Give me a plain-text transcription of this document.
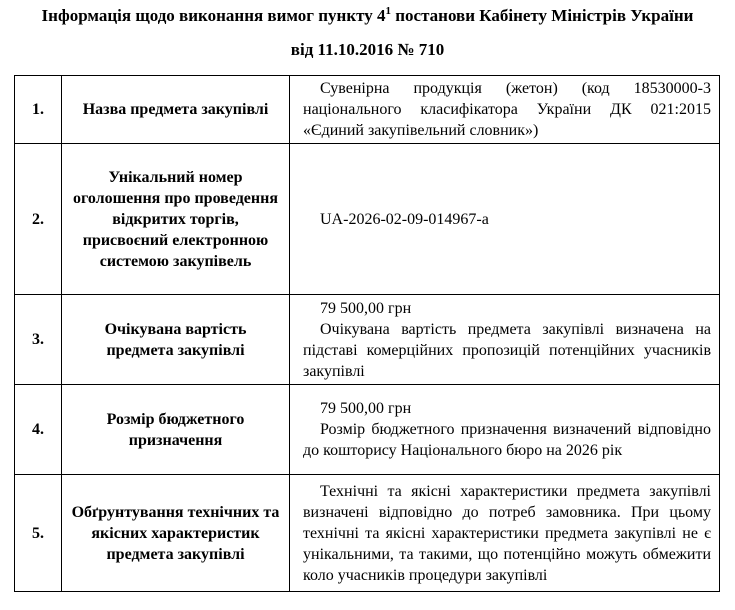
Інформація щодо виконання вимог пункту $4^1$ постанови Кабінету Міністрів України
від 11.10.2016 № 710
1.	Назва предмета закупівлі	Сувенірна продукція (жетон) (код 18530000-3 національного класифікатора України ДК 021:2015 «Єдиний закупівельний словник»)

2.	Унікальний номер оголошення про проведення відкритих торгів, присвоєний електронною системою закупівель	UA-2026-02-09-014967-a

3.	Очікувана вартість предмета закупівлі	79 500,00 грн

Очікувана вартість предмета закупівлі визначена на підставі комерційних пропозицій потенційних учасників закупівлі

4.	Розмір бюджетного призначення	79 500,00 грн

Розмір бюджетного призначення визначений відповідно до кошторису Національного бюро на 2026 рік

5.	Обґрунтування технічних та якісних характеристик предмета закупівлі	Технічні та якісні характеристики предмета закупівлі визначені відповідно до потреб замовника. При цьому технічні та якісні характеристики предмета закупівлі не є унікальними, та такими, що потенційно можуть обмежити коло учасників процедури закупівлі
